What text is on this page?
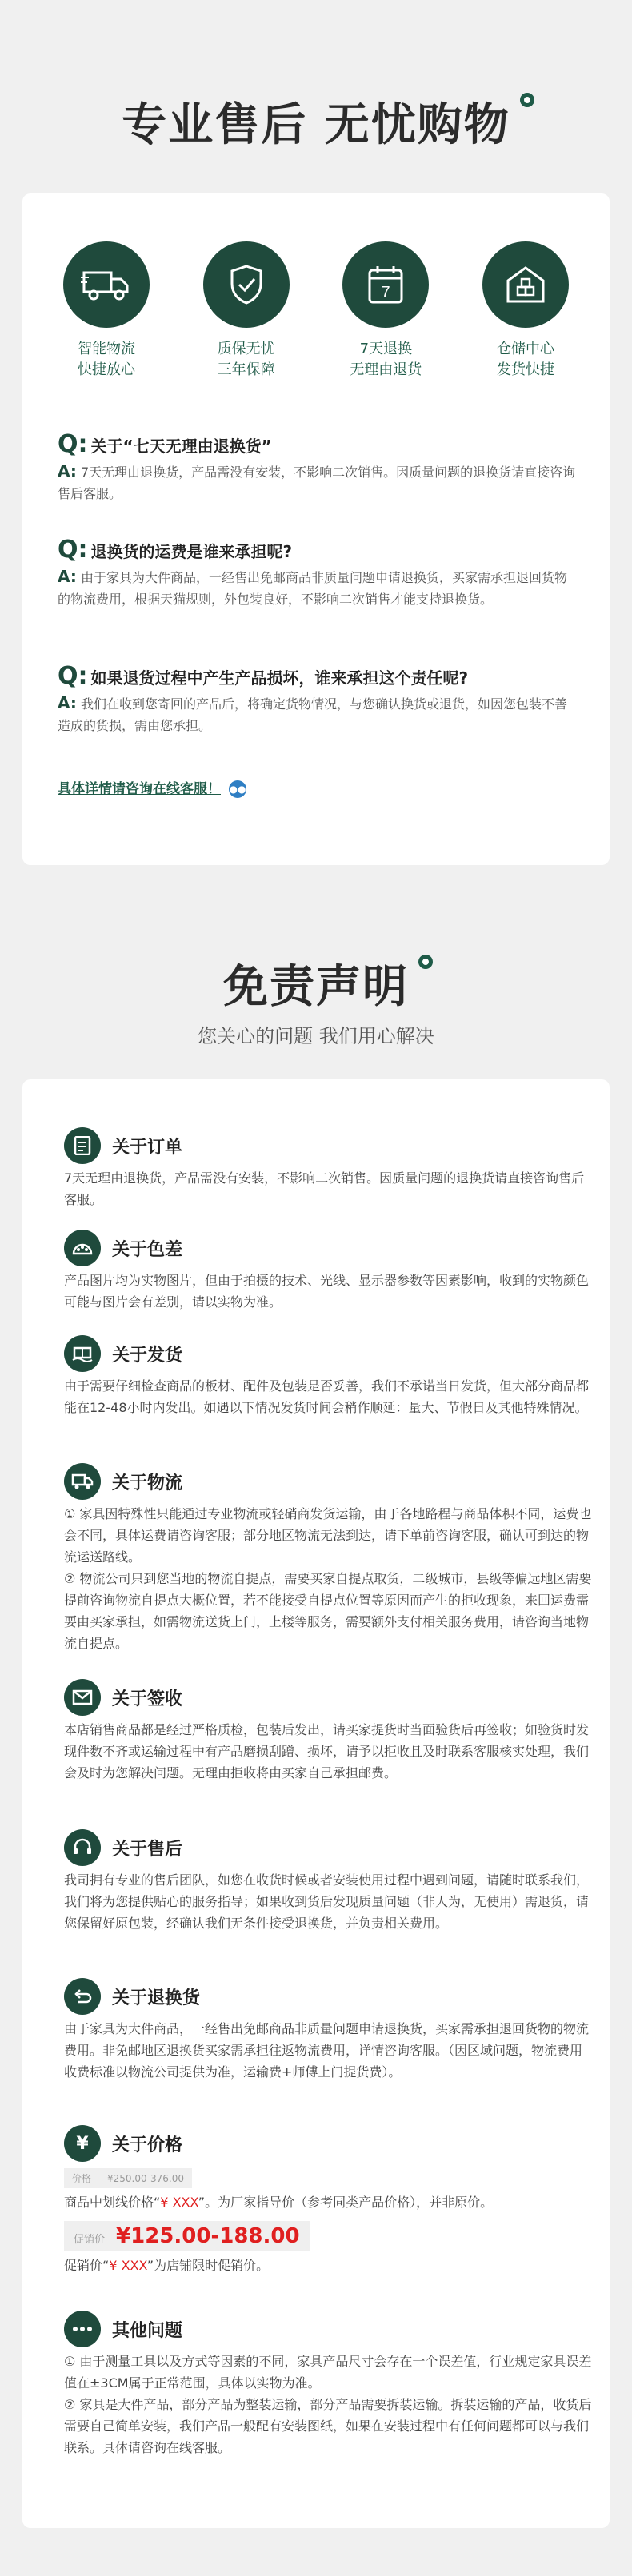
专业售后 无忧购物
智能物流
快捷放心
质保无忧
三年保障
7
7天退换
无理由退货
仓储中心
发货快捷
Q: 关于“七天无理由退换货”
A: 7天无理由退换货，产品需没有安装，不影响二次销售。因质量问题的退换货请直接咨询售后客服。
Q: 退换货的运费是谁来承担呢?
A: 由于家具为大件商品，一经售出免邮商品非质量问题申请退换货，买家需承担退回货物的物流费用，根据天猫规则，外包装良好，不影响二次销售才能支持退换货。
Q: 如果退货过程中产生产品损坏，谁来承担这个责任呢?
A: 我们在收到您寄回的产品后，将确定货物情况，与您确认换货或退货，如因您包装不善造成的货损，需由您承担。
具体详情请咨询在线客服！ ●●
免责声明
您关心的问题 我们用心解决
关于订单
7天无理由退换货，产品需没有安装，不影响二次销售。因质量问题的退换货请直接咨询售后客服。
关于色差
产品图片均为实物图片，但由于拍摄的技术、光线、显示器参数等因素影响，收到的实物颜色可能与图片会有差别，请以实物为准。
关于发货
由于需要仔细检查商品的板材、配件及包装是否妥善，我们不承诺当日发货，但大部分商品都能在12-48小时内发出。如遇以下情况发货时间会稍作顺延：量大、节假日及其他特殊情况。
关于物流

① 家具因特殊性只能通过专业物流或轻硝商发货运输，由于各地路程与商品体积不同，运费也会不同，具体运费请咨询客服；部分地区物流无法到达，请下单前咨询客服，确认可到达的物流运送路线。

② 物流公司只到您当地的物流自提点，需要买家自提点取货，二级城市，县级等偏远地区需要提前咨询物流自提点大概位置，若不能接受自提点位置等原因而产生的拒收现象，来回运费需要由买家承担，如需物流送货上门，上楼等服务，需要额外支付相关服务费用，请咨询当地物流自提点。

关于签收
本店销售商品都是经过严格质检，包装后发出，请买家提货时当面验货后再签收；如验货时发现件数不齐或运输过程中有产品磨损刮蹭、损坏，请予以拒收且及时联系客服核实处理，我们会及时为您解决问题。无理由拒收将由买家自己承担邮费。
关于售后
我司拥有专业的售后团队，如您在收货时候或者安装使用过程中遇到问题，请随时联系我们，我们将为您提供贴心的服务指导；如果收到货后发现质量问题（非人为，无使用）需退货，请您保留好原包装，经确认我们无条件接受退换货，并负责相关费用。
关于退换货
由于家具为大件商品，一经售出免邮商品非质量问题申请退换货，买家需承担退回货物的物流费用。非免邮地区退换货买家需承担往返物流费用，详情咨询客服。（因区域问题，物流费用收费标准以物流公司提供为准，运输费+师傅上门提货费）。
¥ 关于价格
价格 ¥250.00-376.00
商品中划线价格“¥ XXX”。为厂家指导价（参考同类产品价格），并非原价。
促销价 ¥125.00-188.00
促销价“¥ XXX”为店铺限时促销价。
其他问题

① 由于测量工具以及方式等因素的不同，家具产品尺寸会存在一个误差值，行业规定家具误差值在±3CM属于正常范围，具体以实物为准。

② 家具是大件产品，部分产品为整装运输，部分产品需要拆装运输。拆装运输的产品，收货后需要自己简单安装，我们产品一般配有安装图纸，如果在安装过程中有任何问题都可以与我们联系。具体请咨询在线客服。
